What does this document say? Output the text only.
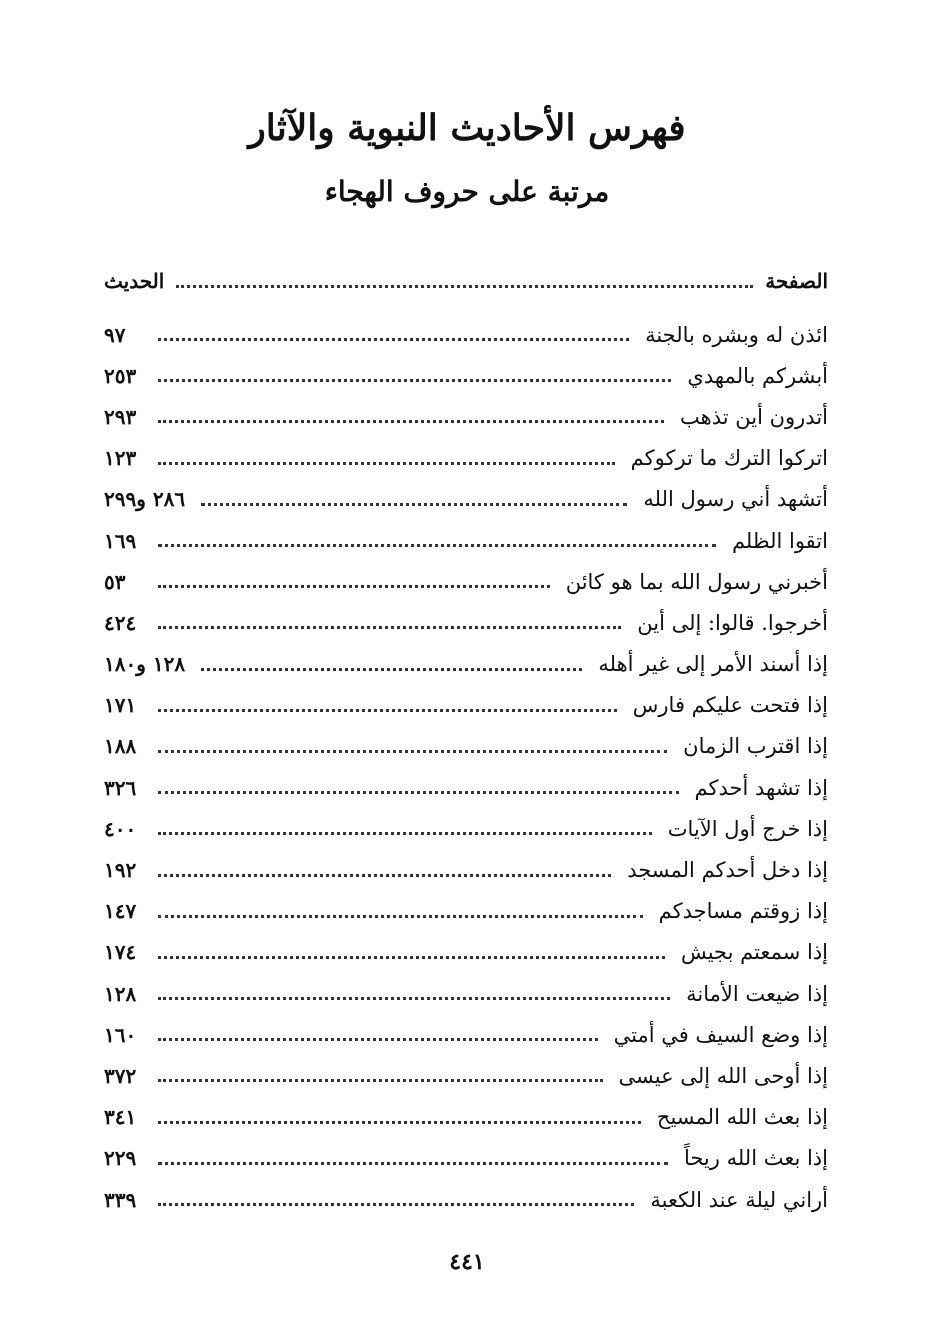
فهرس الأحاديث النبوية والآثار
مرتبة على حروف الهجاء
الحديث	الصفحة
ائذن له وبشره بالجنة
٩٧
أبشركم بالمهدي
٢٥٣
أتدرون أين تذهب
٢٩٣
اتركوا الترك ما تركوكم
١٢٣
أتشهد أني رسول الله
٢٨٦ و٢٩٩
اتقوا الظلم
١٦٩
أخبرني رسول الله بما هو كائن
٥٣
أخرجوا. قالوا: إلى أين
٤٢٤
إذا أسند الأمر إلى غير أهله
١٢٨ و١٨٠
إذا فتحت عليكم فارس
١٧١
إذا اقترب الزمان
١٨٨
إذا تشهد أحدكم
٣٢٦
إذا خرج أول الآيات
٤٠٠
إذا دخل أحدكم المسجد
١٩٢
إذا زوقتم مساجدكم
١٤٧
إذا سمعتم بجيش
١٧٤
إذا ضيعت الأمانة
١٢٨
إذا وضع السيف في أمتي
١٦٠
إذا أوحى الله إلى عيسى
٣٧٢
إذا بعث الله المسيح
٣٤١
إذا بعث الله ريحاً
٢٢٩
أراني ليلة عند الكعبة
٣٣٩
٤٤١
